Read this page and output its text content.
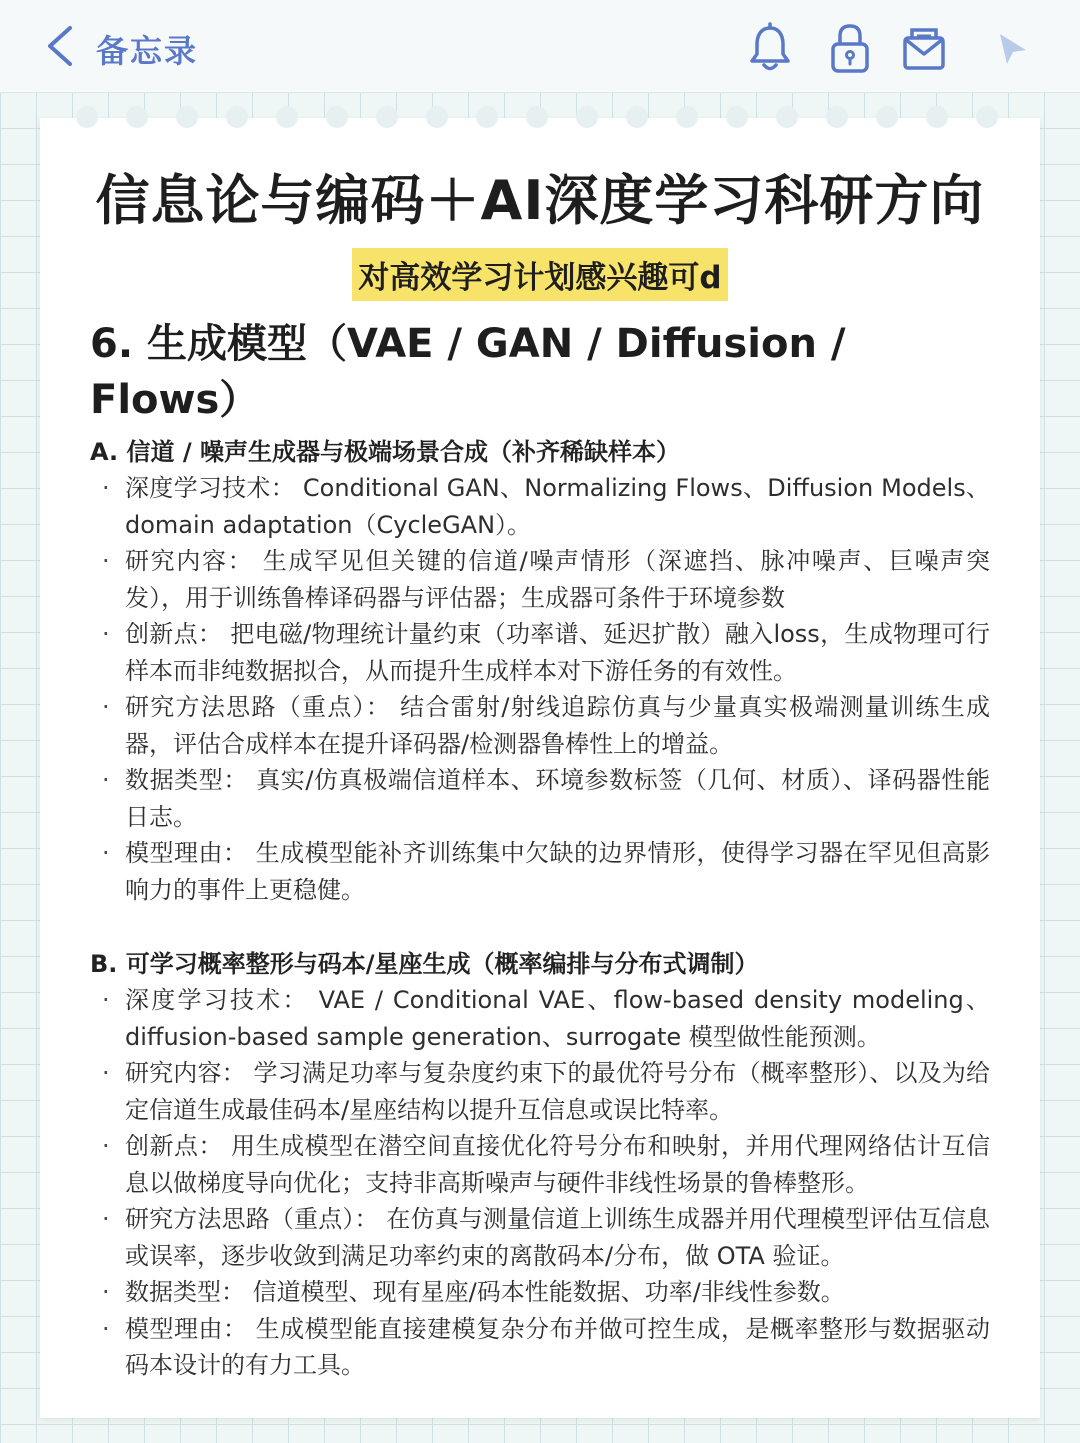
备忘录
信息论与编码＋AI深度学习科研方向
对高效学习计划感兴趣可d
6. 生成模型（VAE / GAN / Diffusion / Flows）
A. 信道 / 噪声生成器与极端场景合成（补齐稀缺样本）
· 深度学习技术： Conditional GAN、Normalizing Flows、Diffusion Models、domain adaptation（CycleGAN）。
· 研究内容： 生成罕见但关键的信道/噪声情形（深遮挡、脉冲噪声、巨噪声突发），用于训练鲁棒译码器与评估器；生成器可条件于环境参数
· 创新点： 把电磁/物理统计量约束（功率谱、延迟扩散）融入loss，生成物理可行样本而非纯数据拟合，从而提升生成样本对下游任务的有效性。
· 研究方法思路（重点）： 结合雷射/射线追踪仿真与少量真实极端测量训练生成器，评估合成样本在提升译码器/检测器鲁棒性上的增益。
· 数据类型： 真实/仿真极端信道样本、环境参数标签（几何、材质）、译码器性能日志。
· 模型理由： 生成模型能补齐训练集中欠缺的边界情形，使得学习器在罕见但高影响力的事件上更稳健。
B. 可学习概率整形与码本/星座生成（概率编排与分布式调制）
· 深度学习技术： VAE / Conditional VAE、flow-based density modeling、diffusion-based sample generation、surrogate 模型做性能预测。
· 研究内容： 学习满足功率与复杂度约束下的最优符号分布（概率整形）、以及为给定信道生成最佳码本/星座结构以提升互信息或误比特率。
· 创新点： 用生成模型在潜空间直接优化符号分布和映射，并用代理网络估计互信息以做梯度导向优化；支持非高斯噪声与硬件非线性场景的鲁棒整形。
· 研究方法思路（重点）： 在仿真与测量信道上训练生成器并用代理模型评估互信息或误率，逐步收敛到满足功率约束的离散码本/分布，做 OTA 验证。
· 数据类型： 信道模型、现有星座/码本性能数据、功率/非线性参数。
· 模型理由： 生成模型能直接建模复杂分布并做可控生成，是概率整形与数据驱动码本设计的有力工具。
